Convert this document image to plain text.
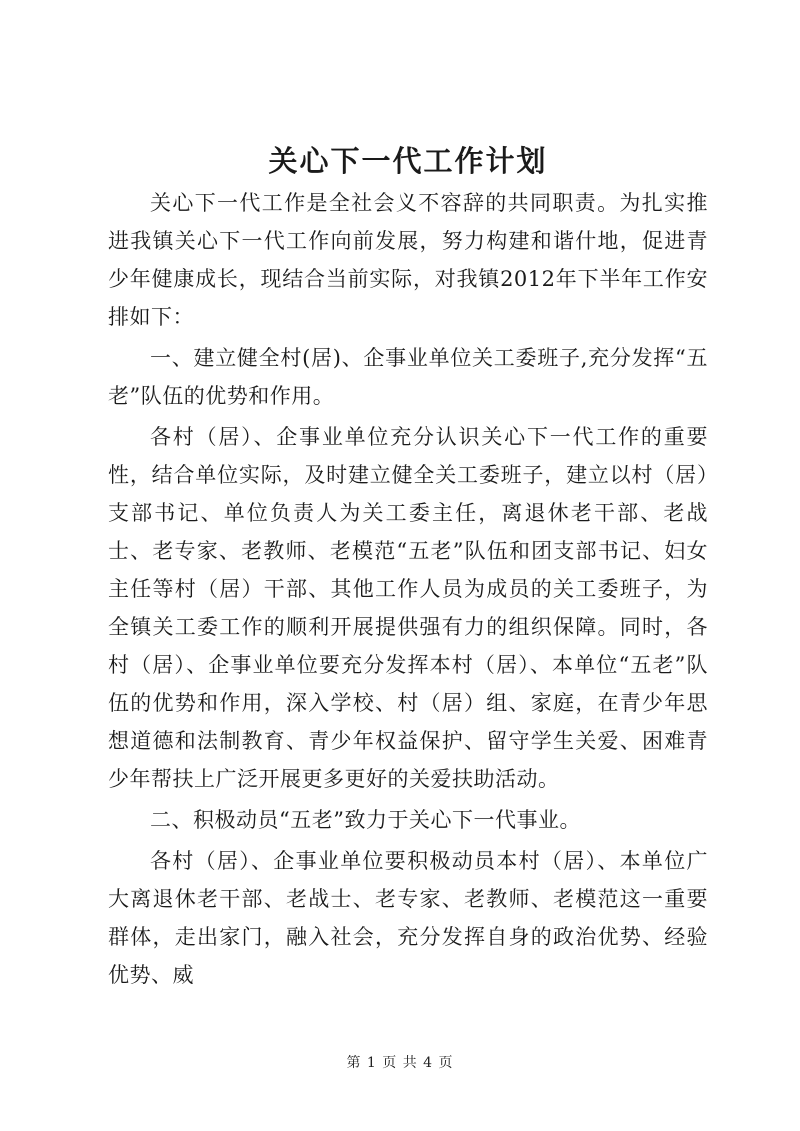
关心下一代工作计划

关心下一代工作是全社会义不容辞的共同职责。为扎实推进我镇关心下一代工作向前发展，努力构建和谐什地，促进青少年健康成长，现结合当前实际，对我镇2012年下半年工作安排如下：

一、建立健全村(居)、企事业单位关工委班子,充分发挥“五老”队伍的优势和作用。

各村（居）、企事业单位充分认识关心下一代工作的重要性，结合单位实际，及时建立健全关工委班子，建立以村（居）支部书记、单位负责人为关工委主任，离退休老干部、老战士、老专家、老教师、老模范“五老”队伍和团支部书记、妇女主任等村（居）干部、其他工作人员为成员的关工委班子，为全镇关工委工作的顺利开展提供强有力的组织保障。同时，各村（居）、企事业单位要充分发挥本村（居）、本单位“五老”队伍的优势和作用，深入学校、村（居）组、家庭，在青少年思想道德和法制教育、青少年权益保护、留守学生关爱、困难青少年帮扶上广泛开展更多更好的关爱扶助活动。

二、积极动员“五老”致力于关心下一代事业。

各村（居）、企事业单位要积极动员本村（居）、本单位广大离退休老干部、老战士、老专家、老教师、老模范这一重要群体，走出家门，融入社会，充分发挥自身的政治优势、经验优势、威

第 1 页 共 4 页
